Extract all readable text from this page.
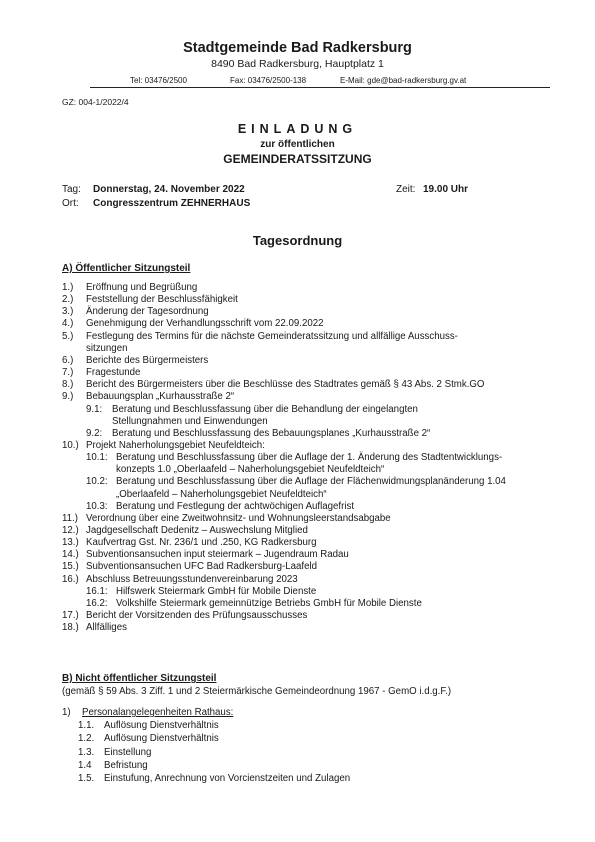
Stadtgemeinde Bad Radkersburg
8490 Bad Radkersburg, Hauptplatz 1
Tel: 03476/2500	Fax: 03476/2500-138	E-Mail: gde@bad-radkersburg.gv.at
GZ: 004-1/2022/4
EINLADUNG
zur öffentlichen
GEMEINDERATSSITZUNG
Tag: Donnerstag, 24. November 2022	Zeit: 19.00 Uhr
Ort: Congresszentrum ZEHNERHAUS
Tagesordnung
A) Öffentlicher Sitzungsteil
1.) Eröffnung und Begrüßung
2.) Feststellung der Beschlussfähigkeit
3.) Änderung der Tagesordnung
4.) Genehmigung der Verhandlungsschrift vom 22.09.2022
5.) Festlegung des Termins für die nächste Gemeinderatssitzung und allfällige Ausschuss-
sitzungen
6.) Berichte des Bürgermeisters
7.) Fragestunde
8.) Bericht des Bürgermeisters über die Beschlüsse des Stadtrates gemäß § 43 Abs. 2 Stmk.GO
9.) Bebauungsplan „Kurhausstraße 2“
9.1: Beratung und Beschlussfassung über die Behandlung der eingelangten
Stellungnahmen und Einwendungen
9.2: Beratung und Beschlussfassung des Bebauungsplanes „Kurhausstraße 2“
10.) Projekt Naherholungsgebiet Neufeldteich:
10.1: Beratung und Beschlussfassung über die Auflage der 1. Änderung des Stadtentwicklungs-
konzepts 1.0 „Oberlaafeld – Naherholungsgebiet Neufeldteich“
10.2: Beratung und Beschlussfassung über die Auflage der Flächenwidmungsplanänderung 1.04
„Oberlaafeld – Naherholungsgebiet Neufeldteich“
10.3: Beratung und Festlegung der achtwöchigen Auflagefrist
11.) Verordnung über eine Zweitwohnsitz- und Wohnungsleerstandsabgabe
12.) Jagdgesellschaft Dedenitz – Auswechslung Mitglied
13.) Kaufvertrag Gst. Nr. 236/1 und .250, KG Radkersburg
14.) Subventionsansuchen input steiermark – Jugendraum Radau
15.) Subventionsansuchen UFC Bad Radkersburg-Laafeld
16.) Abschluss Betreuungsstundenvereinbarung 2023
16.1: Hilfswerk Steiermark GmbH für Mobile Dienste
16.2: Volkshilfe Steiermark gemeinnützige Betriebs GmbH für Mobile Dienste
17.) Bericht der Vorsitzenden des Prüfungsausschusses
18.) Allfälliges
B) Nicht öffentlicher Sitzungsteil
(gemäß § 59 Abs. 3 Ziff. 1 und 2 Steiermärkische Gemeindeordnung 1967 - GemO i.d.g.F.)
1) Personalangelegenheiten Rathaus:
1.1. Auflösung Dienstverhältnis
1.2. Auflösung Dienstverhältnis
1.3. Einstellung
1.4 Befristung
1.5. Einstufung, Anrechnung von Vorcienstzeiten und Zulagen
